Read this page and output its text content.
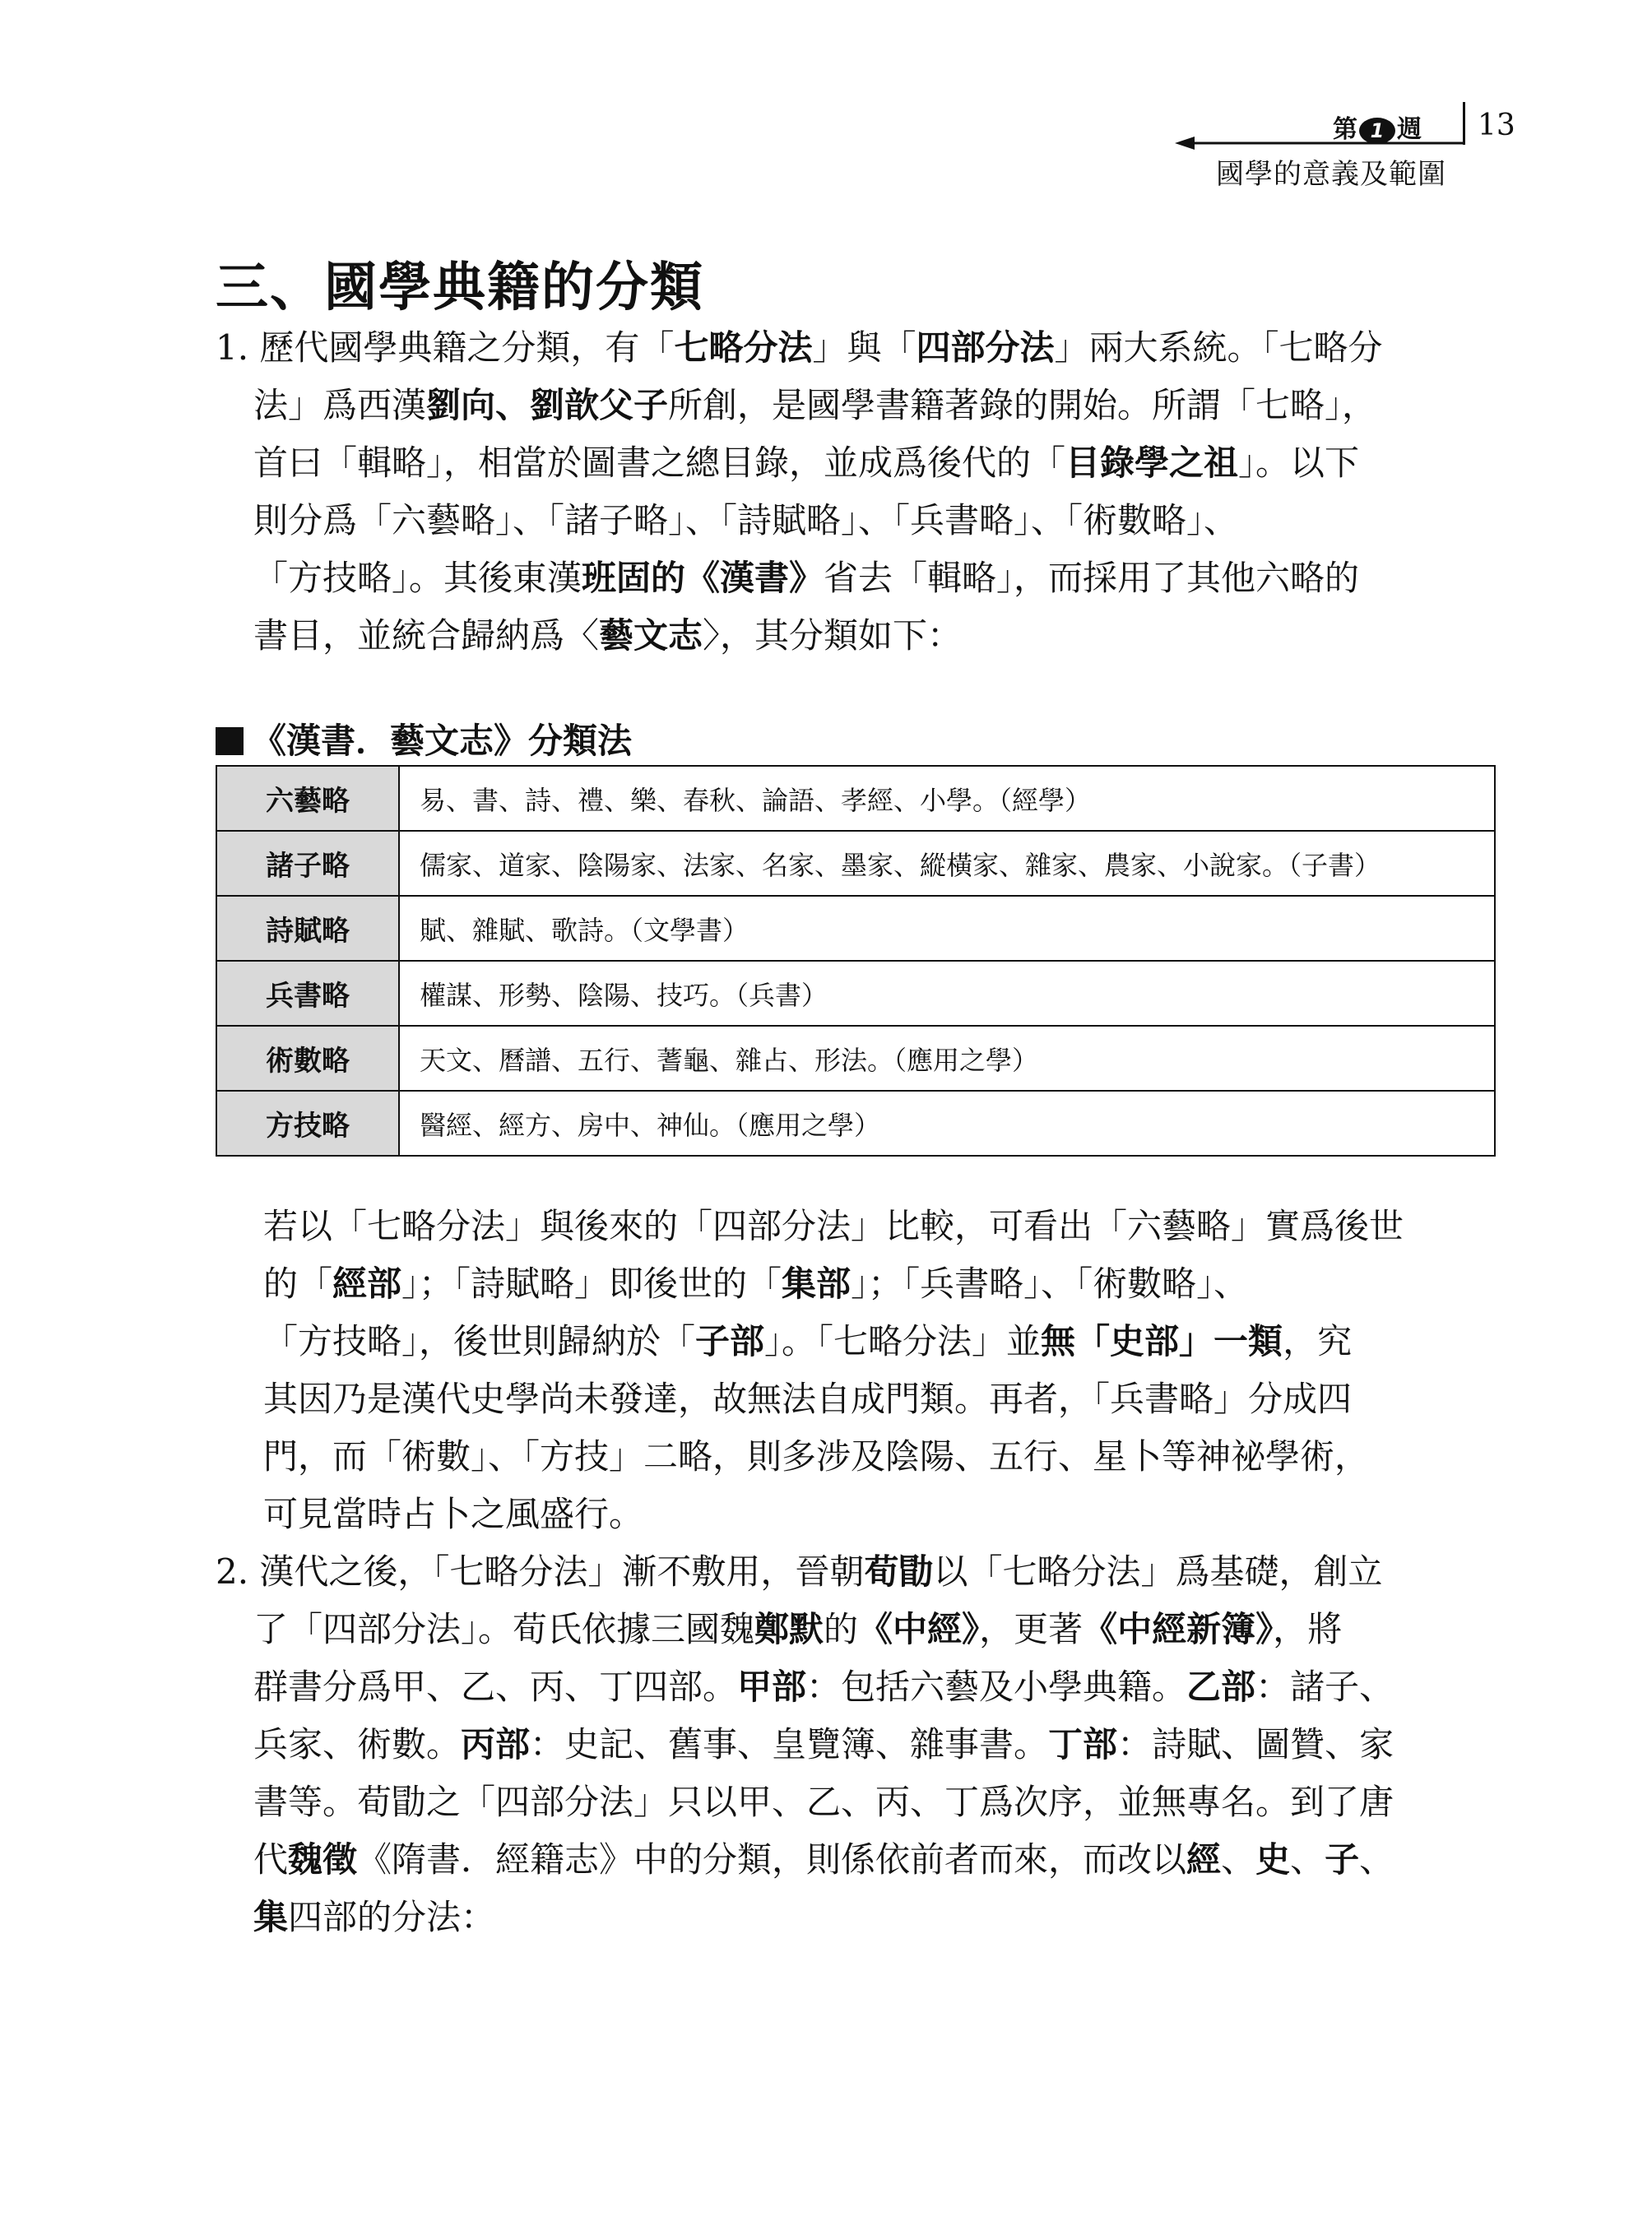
第 1 週 13
國學的意義及範圍
三、國學典籍的分類
1. 歷代國學典籍之分類，有「七略分法」與「四部分法」兩大系統。「七略分
法」爲西漢劉向、劉歆父子所創，是國學書籍著錄的開始。所謂「七略」，
首曰「輯略」，相當於圖書之總目錄，並成爲後代的「目錄學之祖」。以下
則分爲「六藝略」、「諸子略」、「詩賦略」、「兵書略」、「術數略」、
「方技略」。其後東漢班固的《漢書》省去「輯略」，而採用了其他六略的
書目，並統合歸納爲〈藝文志〉，其分類如下：
《漢書．藝文志》分類法
六藝略	易、書、詩、禮、樂、春秋、論語、孝經、小學。（經學）
諸子略	儒家、道家、陰陽家、法家、名家、墨家、縱橫家、雜家、農家、小說家。（子書）
詩賦略	賦、雜賦、歌詩。（文學書）
兵書略	權謀、形勢、陰陽、技巧。（兵書）
術數略	天文、曆譜、五行、蓍龜、雜占、形法。（應用之學）
方技略	醫經、經方、房中、神仙。（應用之學）
若以「七略分法」與後來的「四部分法」比較，可看出「六藝略」實爲後世
的「經部」；「詩賦略」即後世的「集部」；「兵書略」、「術數略」、
「方技略」，後世則歸納於「子部」。「七略分法」並無「史部」一類，究
其因乃是漢代史學尚未發達，故無法自成門類。再者，「兵書略」分成四
門，而「術數」、「方技」二略，則多涉及陰陽、五行、星卜等神祕學術，
可見當時占卜之風盛行。
2. 漢代之後，「七略分法」漸不敷用，晉朝荀勖以「七略分法」爲基礎，創立
了「四部分法」。荀氏依據三國魏鄭默的《中經》，更著《中經新簿》，將
群書分爲甲、乙、丙、丁四部。甲部：包括六藝及小學典籍。乙部：諸子、
兵家、術數。丙部：史記、舊事、皇覽簿、雜事書。丁部：詩賦、圖贊、家
書等。荀勖之「四部分法」只以甲、乙、丙、丁爲次序，並無專名。到了唐
代魏徵《隋書．經籍志》中的分類，則係依前者而來，而改以經、史、子、
集四部的分法：
